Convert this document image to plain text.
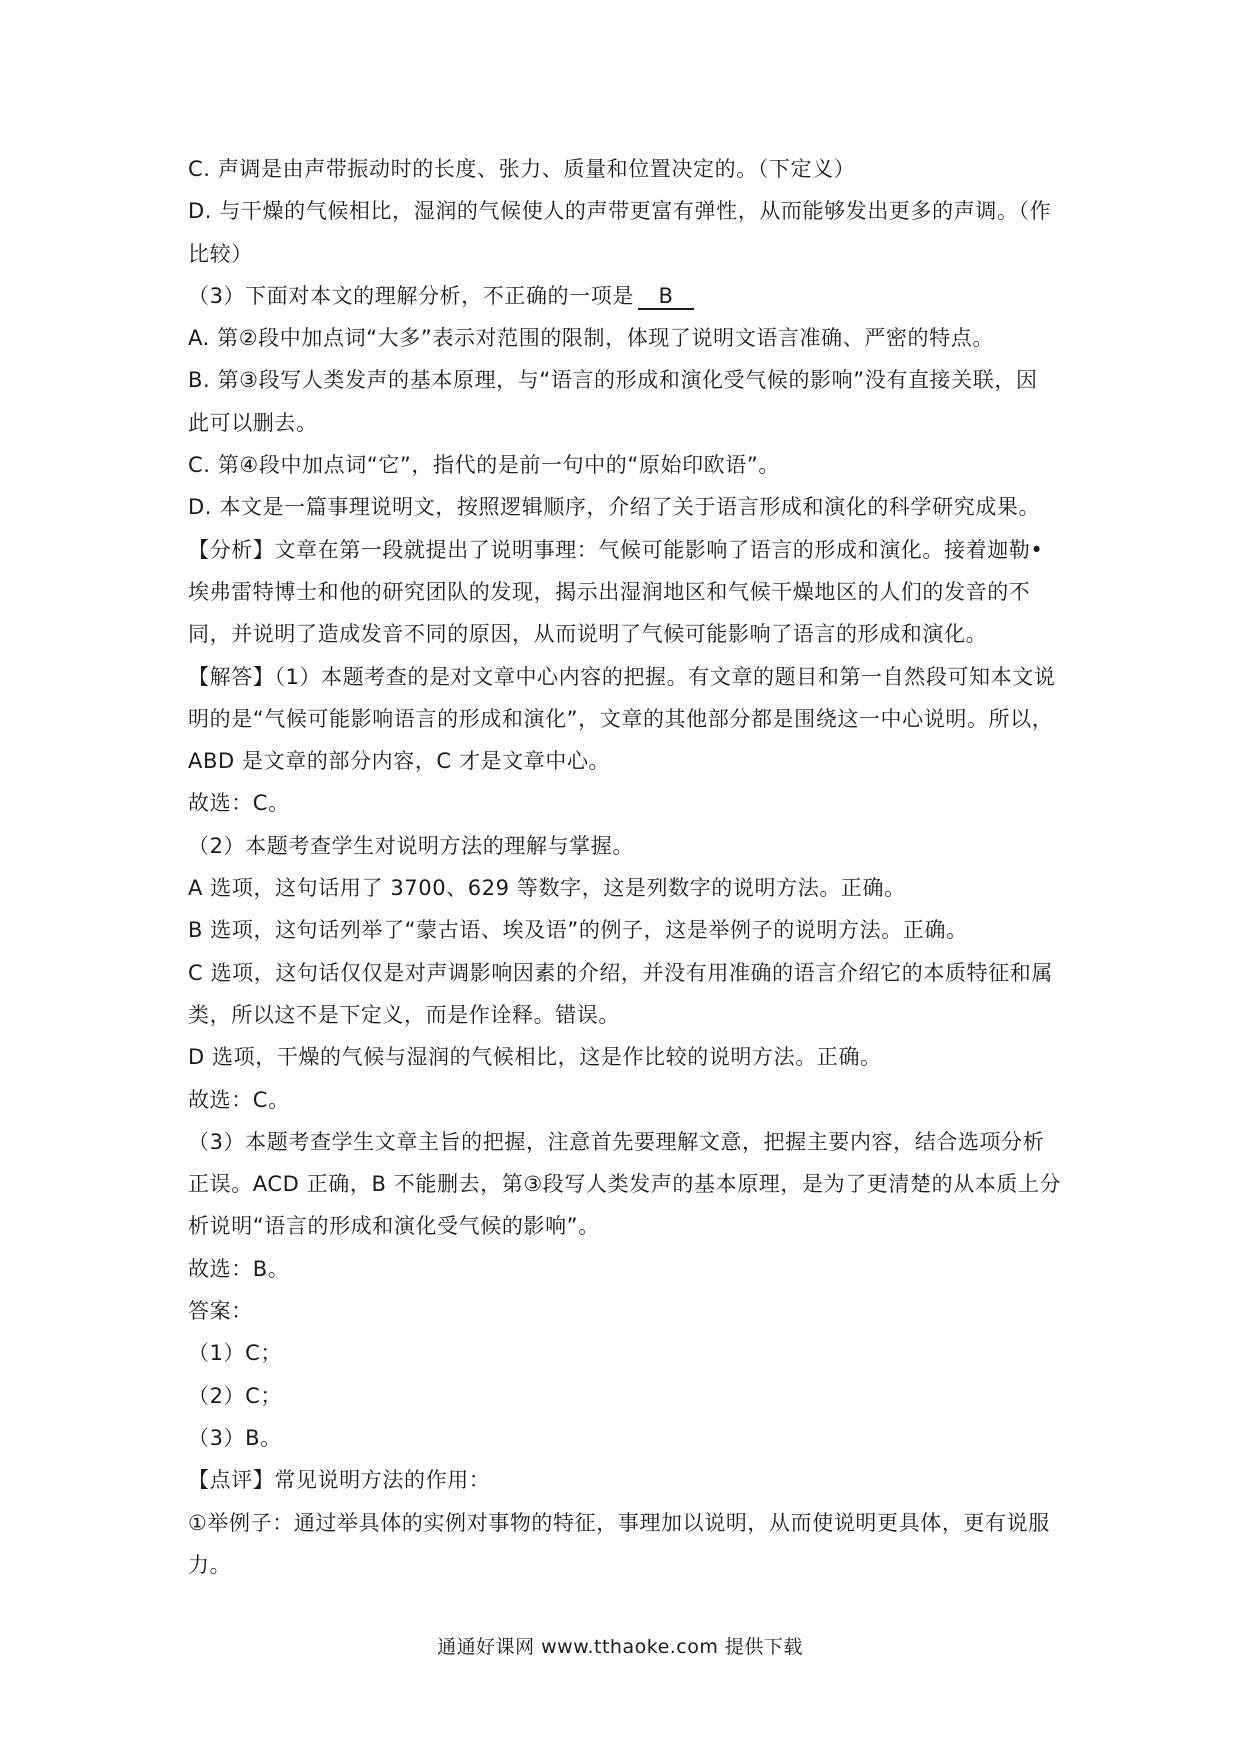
C. 声调是由声带振动时的长度、张力、质量和位置决定的。（下定义）
D. 与干燥的气候相比，湿润的气候使人的声带更富有弹性，从而能够发出更多的声调。（作
比较）
（3）下面对本文的理解分析，不正确的一项是 B
A. 第②段中加点词“大多”表示对范围的限制，体现了说明文语言准确、严密的特点。
B. 第③段写人类发声的基本原理，与“语言的形成和演化受气候的影响”没有直接关联，因
此可以删去。
C. 第④段中加点词“它”，指代的是前一句中的“原始印欧语”。
D. 本文是一篇事理说明文，按照逻辑顺序，介绍了关于语言形成和演化的科学研究成果。
【分析】文章在第一段就提出了说明事理：气候可能影响了语言的形成和演化。接着迦勒•
埃弗雷特博士和他的研究团队的发现，揭示出湿润地区和气候干燥地区的人们的发音的不
同，并说明了造成发音不同的原因，从而说明了气候可能影响了语言的形成和演化。
【解答】（1）本题考查的是对文章中心内容的把握。有文章的题目和第一自然段可知本文说
明的是“气候可能影响语言的形成和演化”，文章的其他部分都是围绕这一中心说明。所以，
ABD 是文章的部分内容，C 才是文章中心。
故选：C。
（2）本题考查学生对说明方法的理解与掌握。
A 选项，这句话用了 3700、629 等数字，这是列数字的说明方法。正确。
B 选项，这句话列举了“蒙古语、埃及语”的例子，这是举例子的说明方法。正确。
C 选项，这句话仅仅是对声调影响因素的介绍，并没有用准确的语言介绍它的本质特征和属
类，所以这不是下定义，而是作诠释。错误。
D 选项，干燥的气候与湿润的气候相比，这是作比较的说明方法。正确。
故选：C。
（3）本题考查学生文章主旨的把握，注意首先要理解文意，把握主要内容，结合选项分析
正误。ACD 正确，B 不能删去，第③段写人类发声的基本原理，是为了更清楚的从本质上分
析说明“语言的形成和演化受气候的影响”。
故选：B。
答案：
（1）C；
（2）C；
（3）B。
【点评】常见说明方法的作用：
①举例子：通过举具体的实例对事物的特征，事理加以说明，从而使说明更具体，更有说服
力。
通通好课网 www.tthaoke.com 提供下载
